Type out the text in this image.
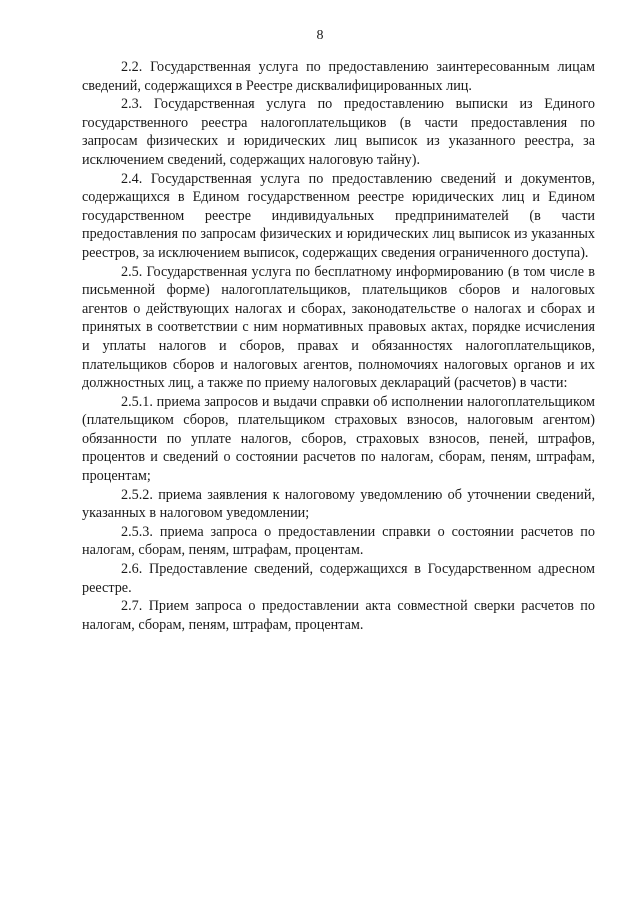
8

2.2. Государственная услуга по предоставлению заинтересованным лицам сведений, содержащихся в Реестре дисквалифицированных лиц.

2.3. Государственная услуга по предоставлению выписки из Единого государственного реестра налогоплательщиков (в части предоставления по запросам физических и юридических лиц выписок из указанного реестра, за исключением сведений, содержащих налоговую тайну).

2.4. Государственная услуга по предоставлению сведений и документов, содержащихся в Едином государственном реестре юридических лиц и Едином государственном реестре индивидуальных предпринимателей (в части предоставления по запросам физических и юридических лиц выписок из указанных реестров, за исключением выписок, содержащих сведения ограниченного доступа).

2.5. Государственная услуга по бесплатному информированию (в том числе в письменной форме) налогоплательщиков, плательщиков сборов и налоговых агентов о действующих налогах и сборах, законодательстве о налогах и сборах и принятых в соответствии с ним нормативных правовых актах, порядке исчисления и уплаты налогов и сборов, правах и обязанностях налогоплательщиков, плательщиков сборов и налоговых агентов, полномочиях налоговых органов и их должностных лиц, а также по приему налоговых деклараций (расчетов) в части:

2.5.1. приема запросов и выдачи справки об исполнении налогоплательщиком (плательщиком сборов, плательщиком страховых взносов, налоговым агентом) обязанности по уплате налогов, сборов, страховых взносов, пеней, штрафов, процентов и сведений о состоянии расчетов по налогам, сборам, пеням, штрафам, процентам;

2.5.2. приема заявления к налоговому уведомлению об уточнении сведений, указанных в налоговом уведомлении;

2.5.3. приема запроса о предоставлении справки о состоянии расчетов по налогам, сборам, пеням, штрафам, процентам.

2.6. Предоставление сведений, содержащихся в Государственном адресном реестре.

2.7. Прием запроса о предоставлении акта совместной сверки расчетов по налогам, сборам, пеням, штрафам, процентам.
